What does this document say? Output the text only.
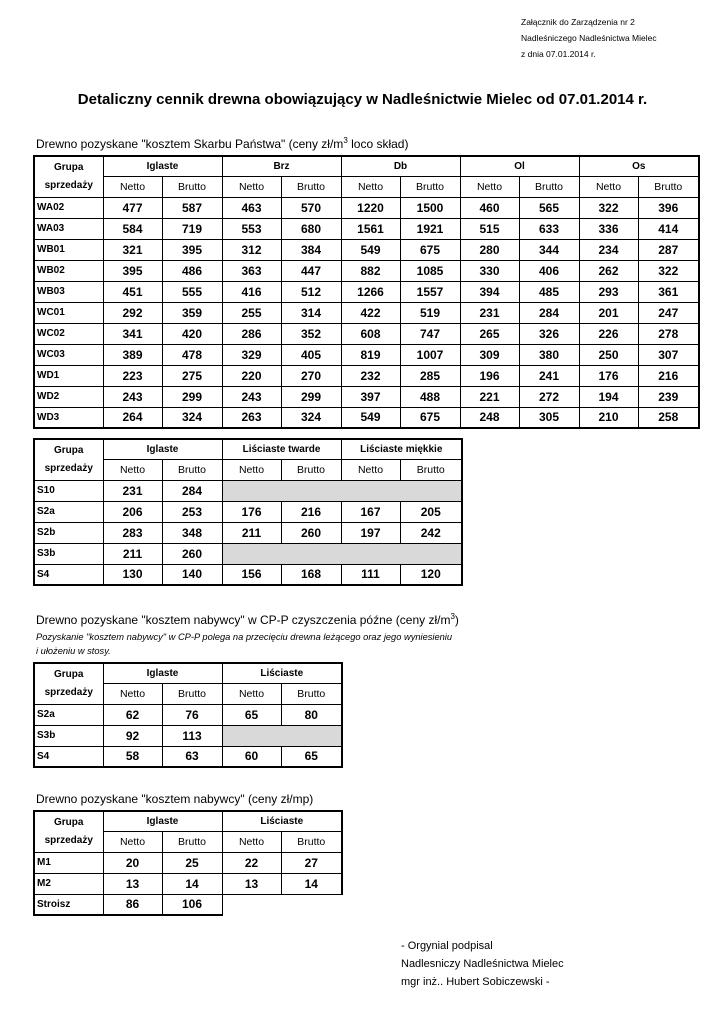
Załącznik do Zarządzenia nr 2
Nadleśniczego Nadleśnictwa Mielec
z dnia 07.01.2014 r.
Detaliczny cennik drewna obowiązujący w Nadleśnictwie Mielec od 07.01.2014 r.
Drewno pozyskane "kosztem Skarbu Państwa" (ceny $zł/m^3$ loco skład)
Grupa
sprzedaży	Iglaste		Brz		Db		Ol		Os	
	Netto	Brutto	Netto	Brutto	Netto	Brutto	Netto	Brutto	Netto	Brutto
WA02	477	587	463	570	1220	1500	460	565	322	396
WA03	584	719	553	680	1561	1921	515	633	336	414
WB01	321	395	312	384	549	675	280	344	234	287
WB02	395	486	363	447	882	1085	330	406	262	322
WB03	451	555	416	512	1266	1557	394	485	293	361
WC01	292	359	255	314	422	519	231	284	201	247
WC02	341	420	286	352	608	747	265	326	226	278
WC03	389	478	329	405	819	1007	309	380	250	307
WD1	223	275	220	270	232	285	196	241	176	216
WD2	243	299	243	299	397	488	221	272	194	239
WD3	264	324	263	324	549	675	248	305	210	258
Grupa
sprzedaży	Iglaste		Liściaste twarde		Liściaste miękkie	
	Netto	Brutto	Netto	Brutto	Netto	Brutto
S10	231	284				
S2a	206	253	176	216	167	205
S2b	283	348	211	260	197	242
S3b	211	260				
S4	130	140	156	168	111	120
Drewno pozyskane "kosztem nabywcy" w CP-P czyszczenia późne (ceny $zł/m^3$)
Pozyskanie "kosztem nabywcy" w CP-P polega na przecięciu drewna leżącego oraz jego wyniesieniu
i ułożeniu w stosy.
Grupa
sprzedaży	Iglaste		Liściaste	
	Netto	Brutto	Netto	Brutto
S2a	62	76	65	80
S3b	92	113		
S4	58	63	60	65
Drewno pozyskane "kosztem nabywcy" (ceny zł/mp)
Grupa
sprzedaży	Iglaste		Liściaste	
	Netto	Brutto	Netto	Brutto
M1	20	25	22	27
M2	13	14	13	14
Stroisz	86	106		
- Orgynial podpisal
Nadlesniczy Nadleśnictwa Mielec
mgr inż.. Hubert Sobiczewski -
